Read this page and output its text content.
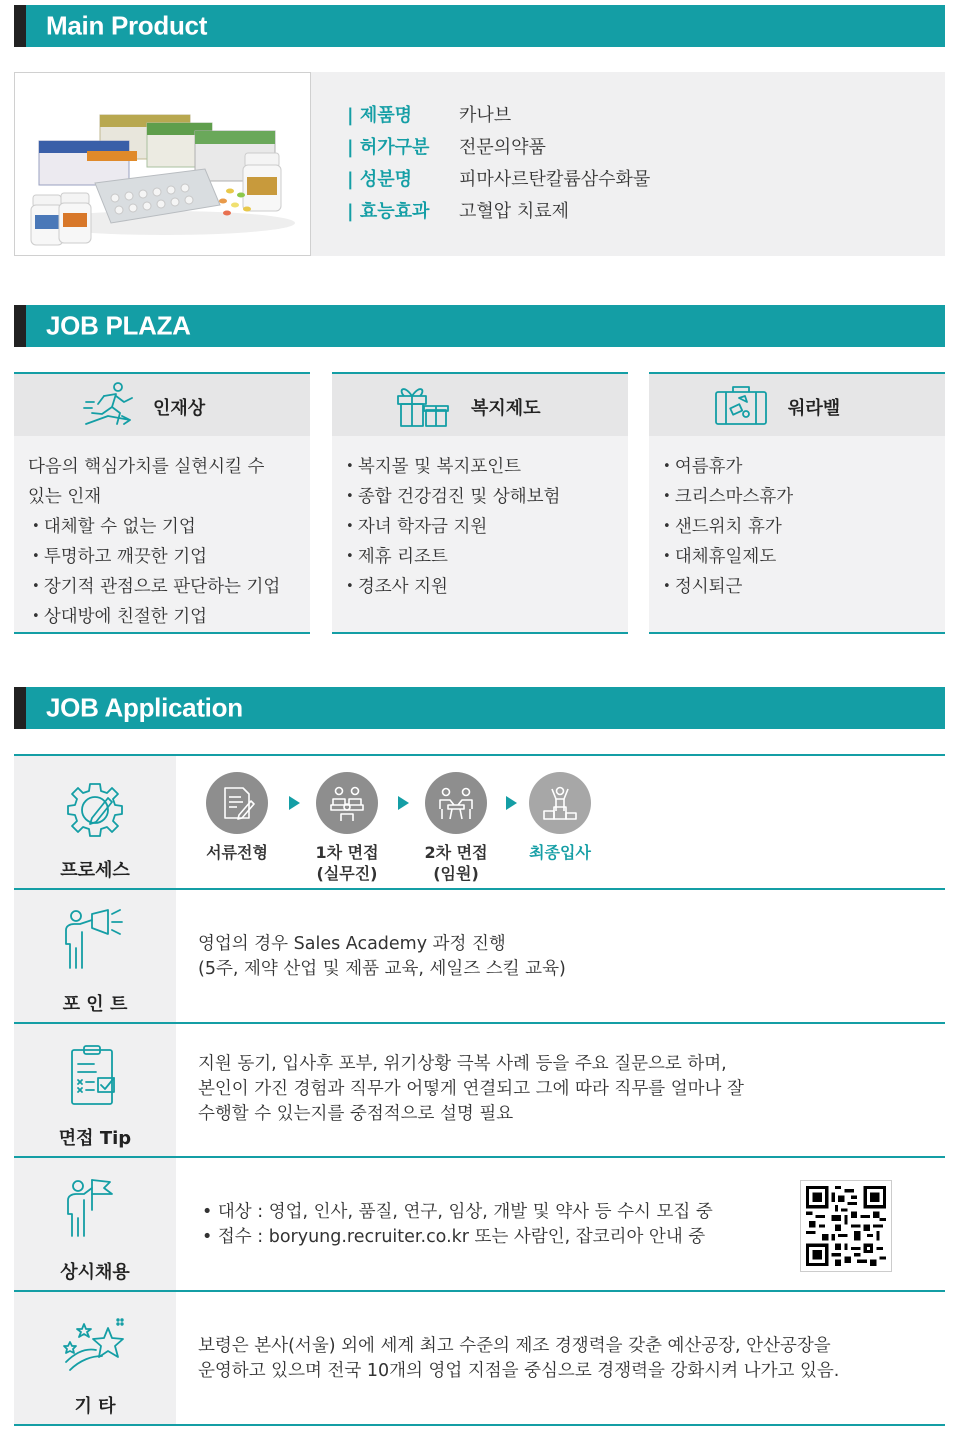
Main Product
| 제품명	카나브
| 허가구분	전문의약품
| 성분명	피마사르탄칼륨삼수화물
| 효능효과	고혈압 치료제
JOB PLAZA
인재상
다음의 핵심가치를 실현시킬 수
있는 인재
• 대체할 수 없는 기업
• 투명하고 깨끗한 기업
• 장기적 관점으로 판단하는 기업
• 상대방에 친절한 기업
복지제도
• 복지몰 및 복지포인트
• 종합 건강검진 및 상해보험
• 자녀 학자금 지원
• 제휴 리조트
• 경조사 지원
워라밸
• 여름휴가
• 크리스마스휴가
• 샌드위치 휴가
• 대체휴일제도
• 정시퇴근
JOB Application
프로세스
서류전형	1차 면접
(실무진)
2차 면접
(임원)
최종입사
포 인 트
영업의 경우 Sales Academy 과정 진행
(5주, 제약 산업 및 제품 교육, 세일즈 스킬 교육)
면접 Tip
지원 동기, 입사후 포부, 위기상황 극복 사례 등을 주요 질문으로 하며,
본인이 가진 경험과 직무가 어떻게 연결되고 그에 따라 직무를 얼마나 잘
수행할 수 있는지를 중점적으로 설명 필요
상시채용
• 대상 : 영업, 인사, 품질, 연구, 임상, 개발 및 약사 등 수시 모집 중
• 접수 : boryung.recruiter.co.kr 또는 사람인, 잡코리아 안내 중
기 타
보령은 본사(서울) 외에 세계 최고 수준의 제조 경쟁력을 갖춘 예산공장, 안산공장을
운영하고 있으며 전국 10개의 영업 지점을 중심으로 경쟁력을 강화시켜 나가고 있음.
